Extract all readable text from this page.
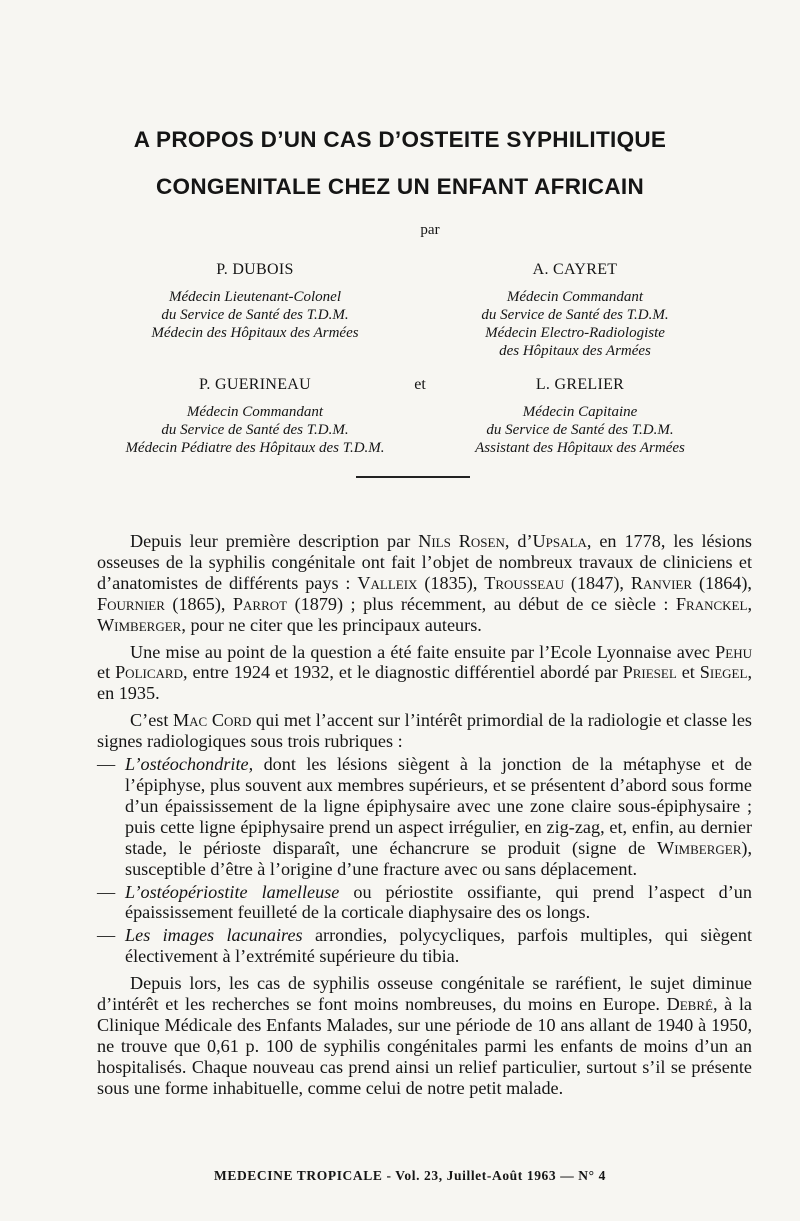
A PROPOS D’UN CAS D’OSTEITE SYPHILITIQUE
CONGENITALE CHEZ UN ENFANT AFRICAIN
par
P. DUBOIS
Médecin Lieutenant-Colonel
du Service de Santé des T.D.M.
Médecin des Hôpitaux des Armées
A. CAYRET
Médecin Commandant
du Service de Santé des T.D.M.
Médecin Electro-Radiologiste
des Hôpitaux des Armées
P. GUERINEAU
Médecin Commandant
du Service de Santé des T.D.M.
Médecin Pédiatre des Hôpitaux des T.D.M.
et	L. GRELIER
Médecin Capitaine
du Service de Santé des T.D.M.
Assistant des Hôpitaux des Armées

Depuis leur première description par Nils Rosen, d’Upsala, en 1778, les lésions osseuses de la syphilis congénitale ont fait l’objet de nombreux travaux de cliniciens et d’anatomistes de différents pays : Valleix (1835), Trousseau (1847), Ranvier (1864), Fournier (1865), Parrot (1879) ; plus récemment, au début de ce siècle : Franckel, Wimberger, pour ne citer que les principaux auteurs.

Une mise au point de la question a été faite ensuite par l’Ecole Lyonnaise avec Pehu et Policard, entre 1924 et 1932, et le diagnostic différentiel abordé par Priesel et Siegel, en 1935.

C’est Mac Cord qui met l’accent sur l’intérêt primordial de la radiologie et classe les signes radiologiques sous trois rubriques :

— L’ostéochondrite, dont les lésions siègent à la jonction de la métaphyse et de l’épiphyse, plus souvent aux membres supérieurs, et se présentent d’abord sous forme d’un épaississement de la ligne épiphysaire avec une zone claire sous-épiphysaire ; puis cette ligne épiphysaire prend un aspect irrégulier, en zig-zag, et, enfin, au dernier stade, le périoste disparaît, une échancrure se produit (signe de Wimberger), susceptible d’être à l’origine d’une fracture avec ou sans déplacement.
— L’ostéopériostite lamelleuse ou périostite ossifiante, qui prend l’aspect d’un épaississement feuilleté de la corticale diaphysaire des os longs.
— Les images lacunaires arrondies, polycycliques, parfois multiples, qui siègent électivement à l’extrémité supérieure du tibia.

Depuis lors, les cas de syphilis osseuse congénitale se raréfient, le sujet diminue d’intérêt et les recherches se font moins nombreuses, du moins en Europe. Debré, à la Clinique Médicale des Enfants Malades, sur une période de 10 ans allant de 1940 à 1950, ne trouve que 0,61 p. 100 de syphilis congénitales parmi les enfants de moins d’un an hospitalisés. Chaque nouveau cas prend ainsi un relief particulier, surtout s’il se présente sous une forme inhabituelle, comme celui de notre petit malade.

MEDECINE TROPICALE - Vol. 23, Juillet-Août 1963 — N° 4
